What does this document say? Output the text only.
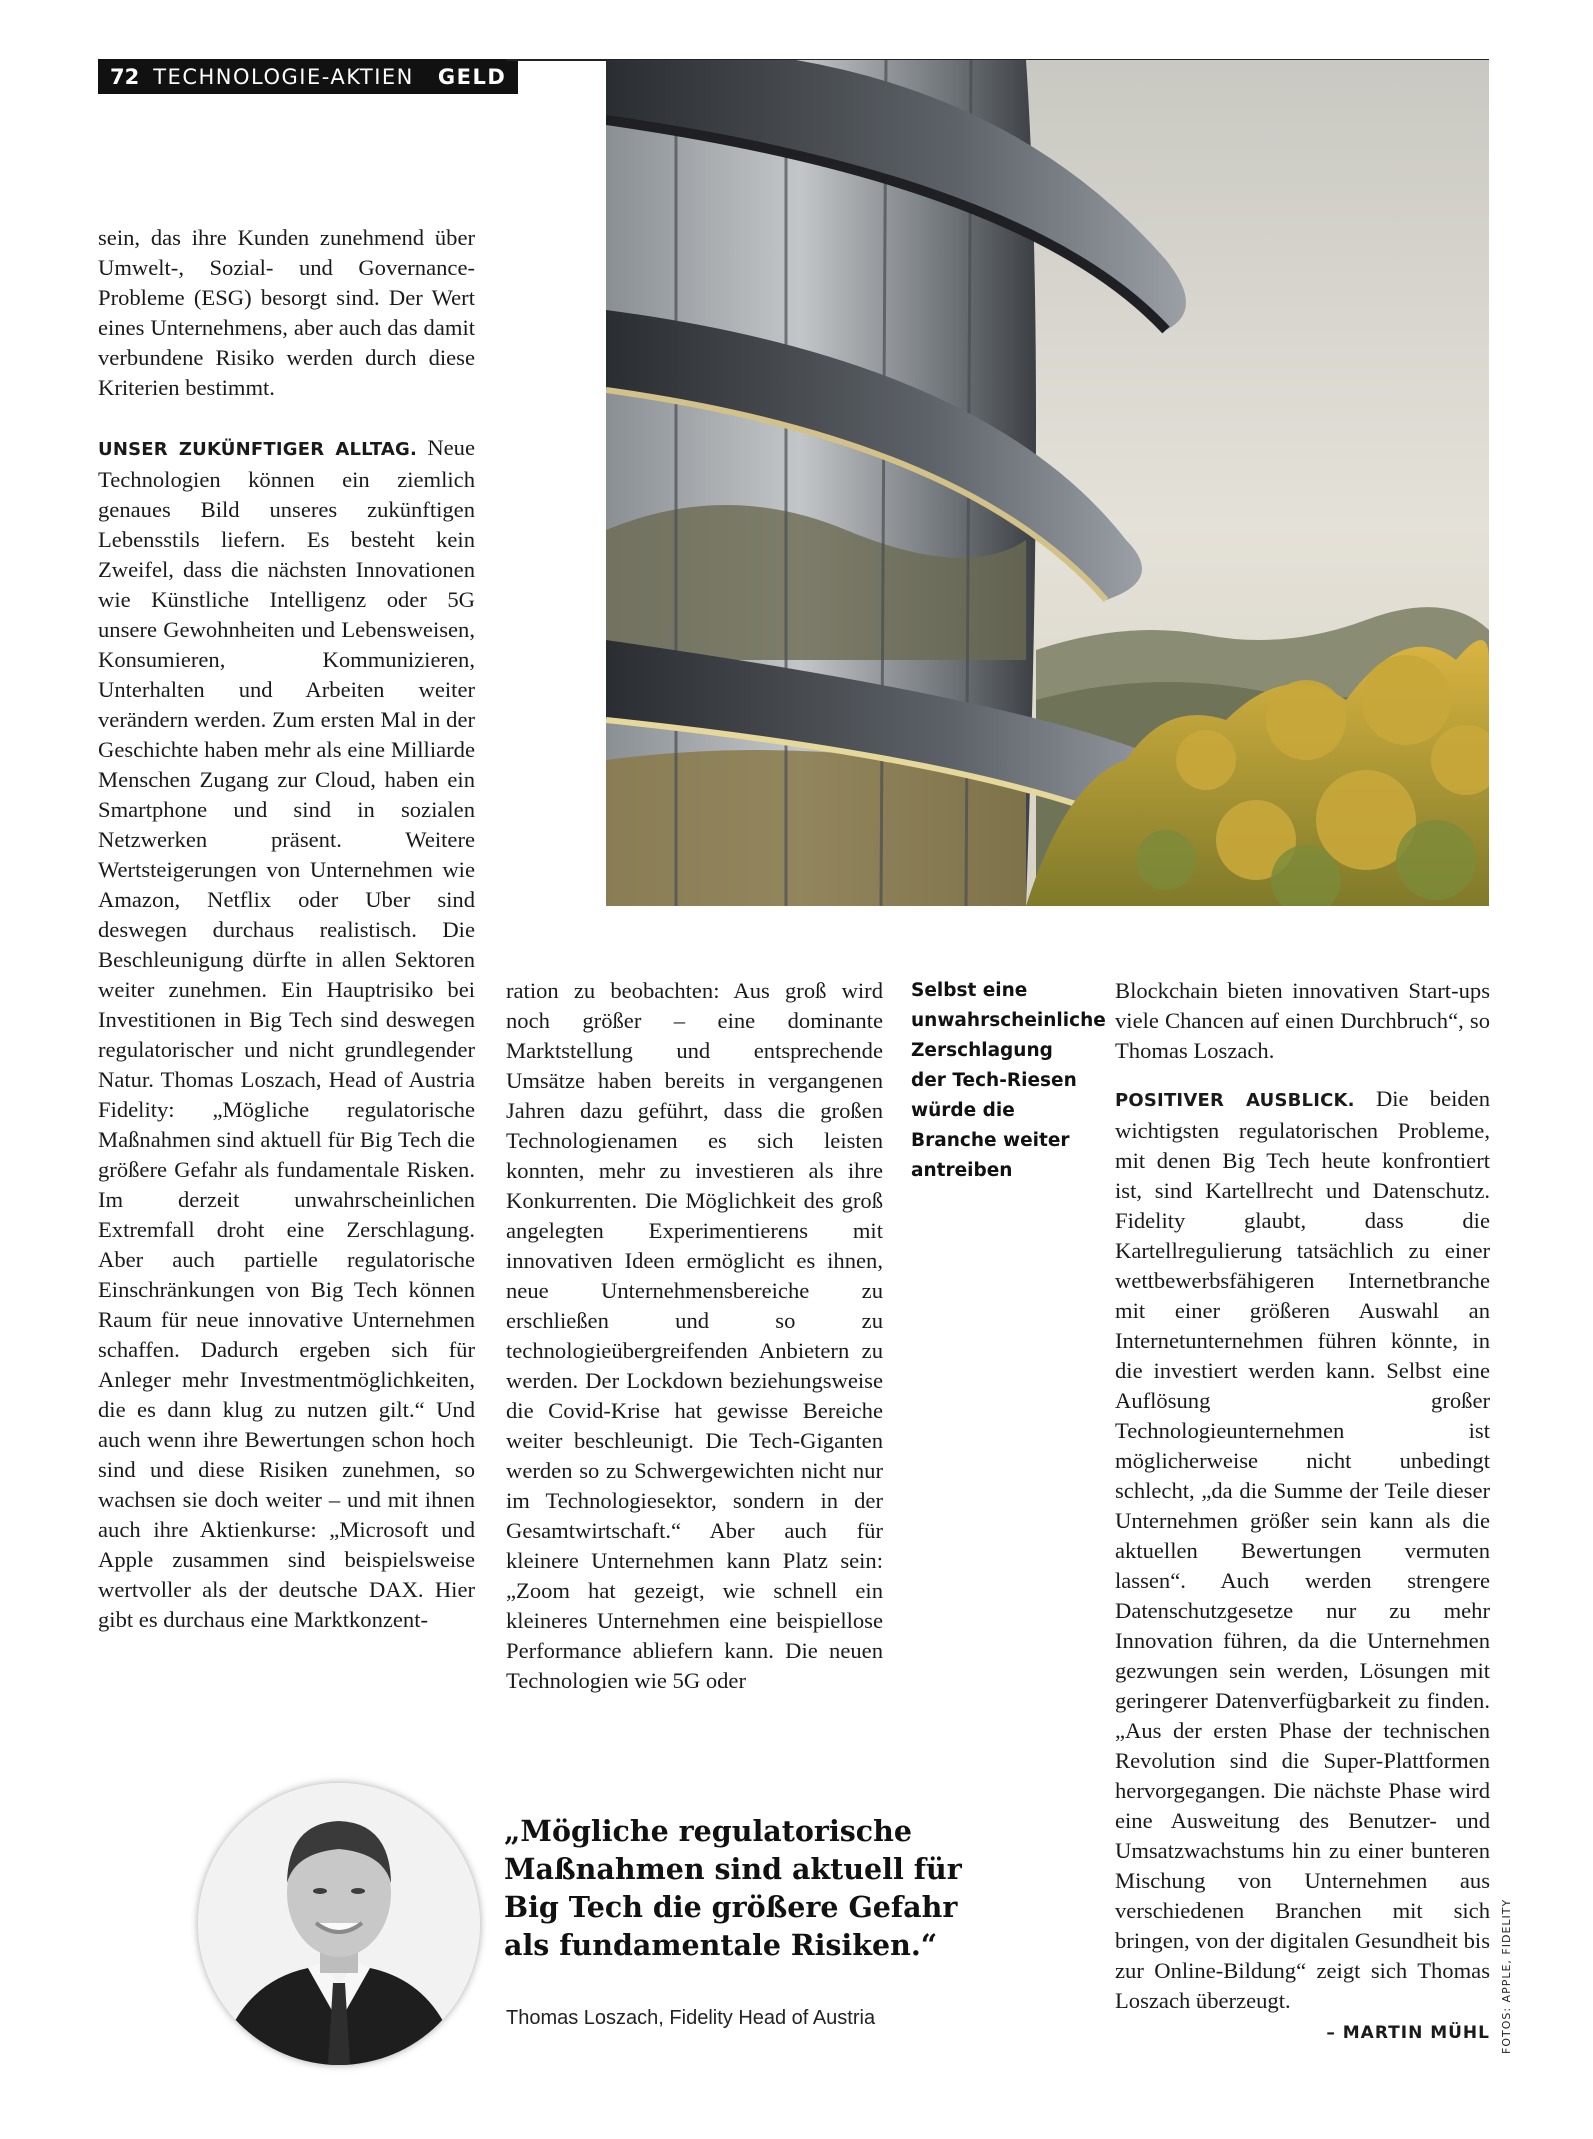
72 TECHNOLOGIE-AKTIEN	GELD

sein, das ihre Kunden zunehmend über Umwelt-, Sozial- und Governance-Probleme (ESG) besorgt sind. Der Wert eines Unternehmens, aber auch das damit verbundene Risiko werden durch diese Kriterien bestimmt.

UNSER ZUKÜNFTIGER ALLTAG. Neue Technologien können ein ziemlich genaues Bild unseres zukünftigen Lebensstils liefern. Es besteht kein Zweifel, dass die nächsten Innovationen wie Künstliche Intelligenz oder 5G unsere Gewohnheiten und Lebensweisen, Konsumieren, Kommunizieren, Unterhalten und Arbeiten weiter verändern werden. Zum ersten Mal in der Geschichte haben mehr als eine Milliarde Menschen Zugang zur Cloud, haben ein Smartphone und sind in sozialen Netzwerken präsent. Weitere Wertsteigerungen von Unternehmen wie Amazon, Netflix oder Uber sind deswegen durchaus realistisch. Die Beschleunigung dürfte in allen Sektoren weiter zunehmen. Ein Hauptrisiko bei Investitionen in Big Tech sind deswegen regulatorischer und nicht grundlegender Natur. Thomas Loszach, Head of Austria Fidelity: „Mögliche regulatorische Maßnahmen sind aktuell für Big Tech die größere Gefahr als fundamentale Risken. Im derzeit unwahrscheinlichen Extremfall droht eine Zerschlagung. Aber auch partielle regulatorische Einschränkungen von Big Tech können Raum für neue innovative Unternehmen schaffen. Dadurch ergeben sich für Anleger mehr Investmentmöglichkeiten, die es dann klug zu nutzen gilt.“ Und auch wenn ihre Bewertungen schon hoch sind und diese Risiken zunehmen, so wachsen sie doch weiter – und mit ihnen auch ihre Aktienkurse: „Microsoft und Apple zusammen sind beispielsweise wertvoller als der deutsche DAX. Hier gibt es durchaus eine Marktkonzent-

ration zu beobachten: Aus groß wird noch größer – eine dominante Marktstellung und entsprechende Umsätze haben bereits in vergangenen Jahren dazu geführt, dass die großen Technologienamen es sich leisten konnten, mehr zu investieren als ihre Konkurrenten. Die Möglichkeit des groß angelegten Experimentierens mit innovativen Ideen ermöglicht es ihnen, neue Unternehmensbereiche zu erschließen und so zu technologieübergreifenden Anbietern zu werden. Der Lockdown beziehungsweise die Covid-Krise hat gewisse Bereiche weiter beschleunigt. Die Tech-Giganten werden so zu Schwergewichten nicht nur im Technologiesektor, sondern in der Gesamtwirtschaft.“ Aber auch für kleinere Unternehmen kann Platz sein: „Zoom hat gezeigt, wie schnell ein kleineres Unternehmen eine beispiellose Performance abliefern kann. Die neuen Technologien wie 5G oder

Selbst eine unwahrscheinliche Zerschlagung der Tech-Riesen würde die Branche weiter antreiben

Blockchain bieten innovativen Start-ups viele Chancen auf einen Durchbruch“, so Thomas Loszach.

POSITIVER AUSBLICK. Die beiden wichtigsten regulatorischen Probleme, mit denen Big Tech heute konfrontiert ist, sind Kartellrecht und Datenschutz. Fidelity glaubt, dass die Kartellregulierung tatsächlich zu einer wettbewerbsfähigeren Internetbranche mit einer größeren Auswahl an Internetunternehmen führen könnte, in die investiert werden kann. Selbst eine Auflösung großer Technologieunternehmen ist möglicherweise nicht unbedingt schlecht, „da die Summe der Teile dieser Unternehmen größer sein kann als die aktuellen Bewertungen vermuten lassen“. Auch werden strengere Datenschutzgesetze nur zu mehr Innovation führen, da die Unternehmen gezwungen sein werden, Lösungen mit geringerer Datenverfügbarkeit zu finden. „Aus der ersten Phase der technischen Revolution sind die Super-Plattformen hervorgegangen. Die nächste Phase wird eine Ausweitung des Benutzer- und Umsatzwachstums hin zu einer bunteren Mischung von Unternehmen aus verschiedenen Branchen mit sich bringen, von der digitalen Gesundheit bis zur Online-Bildung“ zeigt sich Thomas Loszach überzeugt.

– MARTIN MÜHL
„Mögliche regulatorische Maßnahmen sind aktuell für Big Tech die größere Gefahr als fundamentale Risiken.“
Thomas Loszach, Fidelity Head of Austria	FOTOS: APPLE, FIDELITY
